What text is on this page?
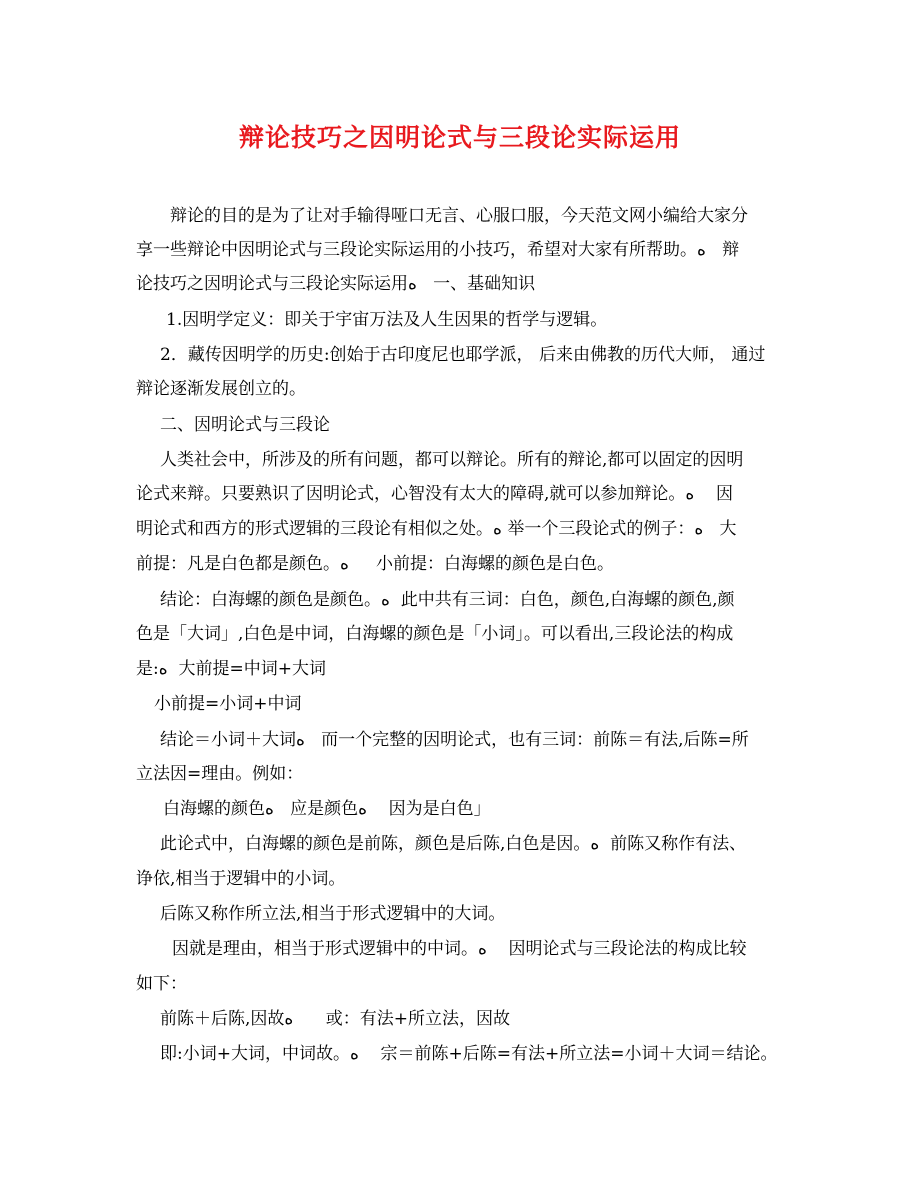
辩论技巧之因明论式与三段论实际运用

辩论的目的是为了让对手输得哑口无言、心服口服，今天范文网小编给大家分

享一些辩论中因明论式与三段论实际运用的小技巧，希望对大家有所帮助。ﻩ   辩

论技巧之因明论式与三段论实际运用ﻩ   一、基础知识

1.因明学定义：即关于宇宙万法及人生因果的哲学与逻辑。

2．藏传因明学的历史:创始于古印度尼也耶学派， 后来由佛教的历代大师， 通过

辩论逐渐发展创立的。

二、因明论式与三段论

人类社会中，所涉及的所有问题，都可以辩论。所有的辩论,都可以固定的因明

论式来辩。只要熟识了因明论式，心智没有太大的障碍,就可以参加辩论。ﻩ    因

明论式和西方的形式逻辑的三段论有相似之处。ﻩ 举一个三段论式的例子：ﻩ   大

前提：凡是白色都是颜色。ﻩ     小前提：白海螺的颜色是白色。

结论：白海螺的颜色是颜色。ﻩ  此中共有三词：白色，颜色,白海螺的颜色,颜

色是「大词」,白色是中词，白海螺的颜色是「小词」。可以看出,三段论法的构成

是:ﻩ  大前提=中词+大词

小前提=小词+中词

结论＝小词＋大词ﻩ   而一个完整的因明论式，也有三词：前陈＝有法,后陈=所

立法因=理由。例如：

白海螺的颜色ﻩ   应是颜色ﻩ    因为是白色」

此论式中，白海螺的颜色是前陈，颜色是后陈,白色是因。ﻩ  前陈又称作有法、

诤依,相当于逻辑中的小词。

后陈又称作所立法,相当于形式逻辑中的大词。

因就是理由，相当于形式逻辑中的中词。ﻩ    因明论式与三段论法的构成比较

如下：

前陈＋后陈,因故ﻩ      或：有法+所立法，因故

即:小词+大词，中词故。ﻩ    宗＝前陈+后陈=有法+所立法=小词＋大词＝结论。
